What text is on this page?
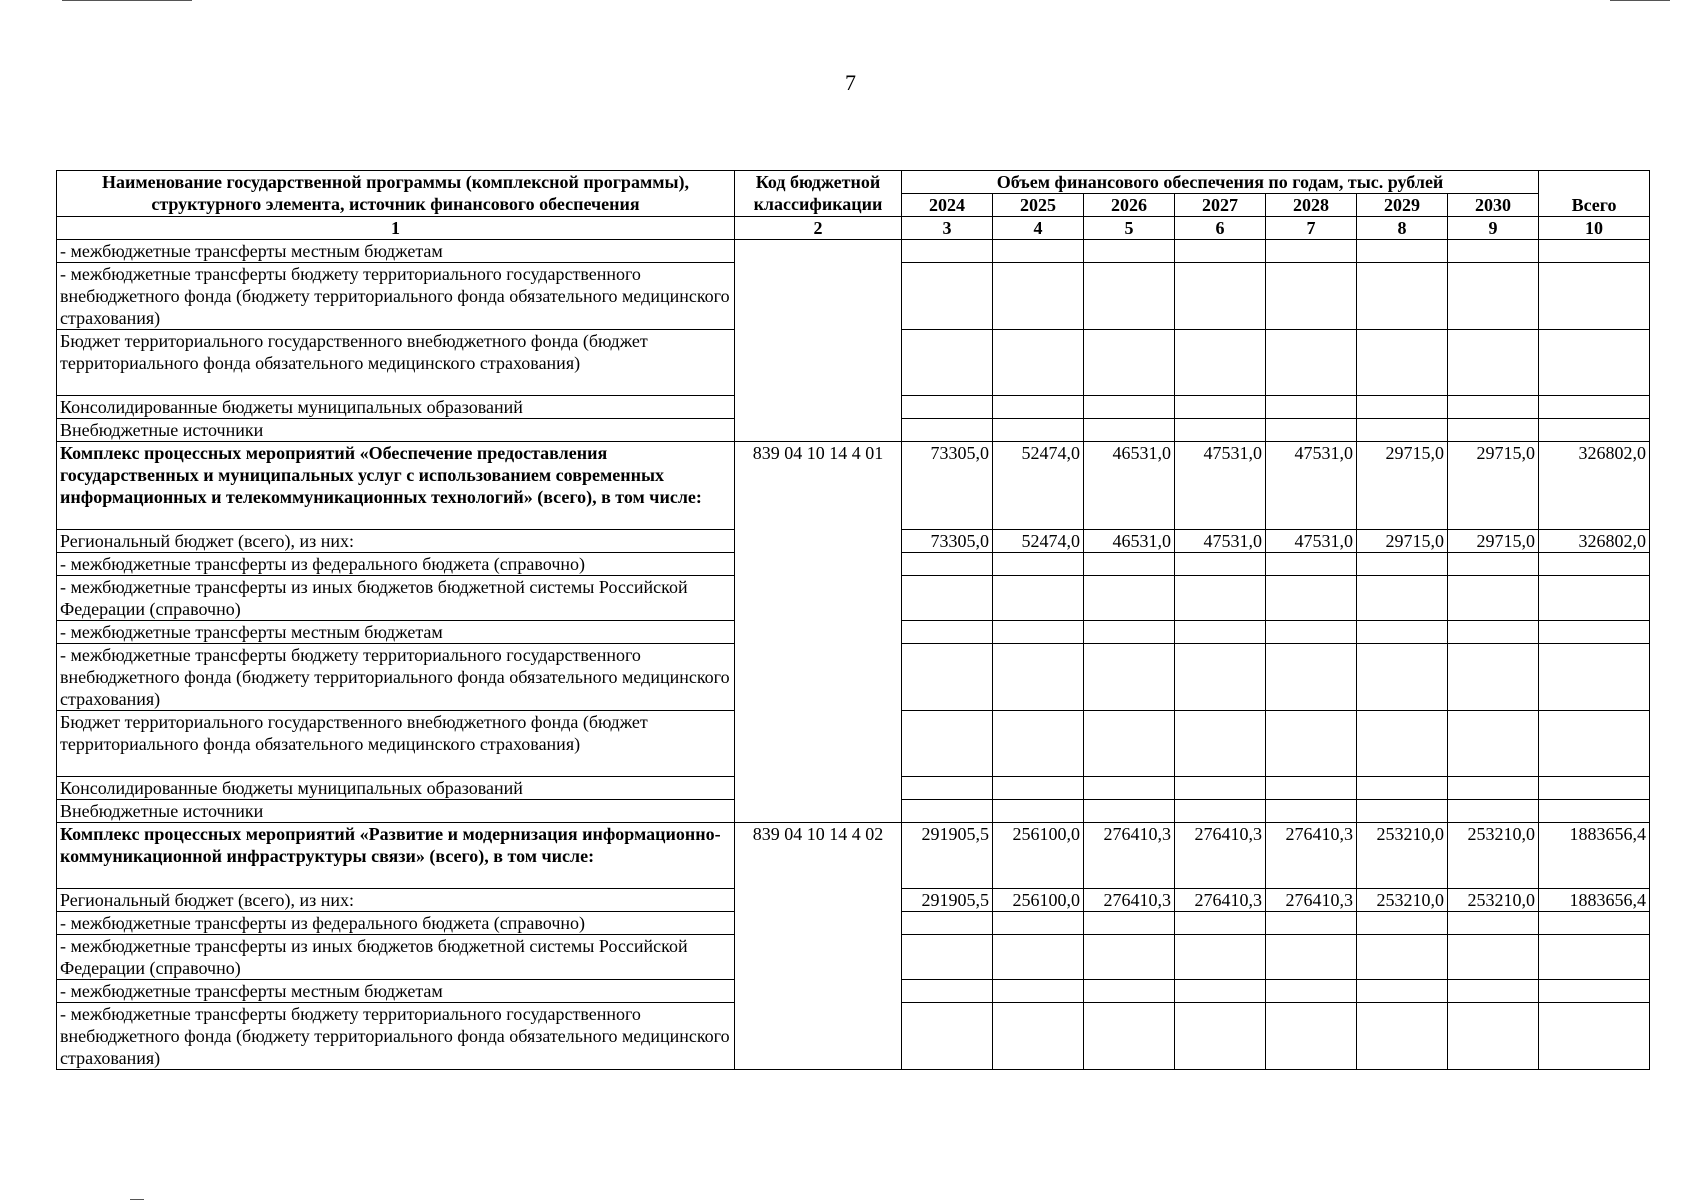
7
Наименование государственной программы (комплексной программы), структурного элемента, источник финансового обеспечения	Код бюджетной классификации	Объем финансового обеспечения по годам, тыс. рублей							Всего
		2024	2025	2026	2027	2028	2029	2030	
1	2	3	4	5	6	7	8	9	10
- межбюджетные трансферты местным бюджетам									
- межбюджетные трансферты бюджету территориального государственного внебюджетного фонда (бюджету территориального фонда обязательного медицинского страхования)									
Бюджет территориального государственного внебюджетного фонда (бюджет территориального фонда обязательного медицинского страхования)									
Консолидированные бюджеты муниципальных образований									
Внебюджетные источники									
Комплекс процессных мероприятий «Обеспечение предоставления государственных и муниципальных услуг с использованием современных информационных и телекоммуникационных технологий» (всего), в том числе:	839 04 10 14 4 01	73305,0	52474,0	46531,0	47531,0	47531,0	29715,0	29715,0	326802,0
Региональный бюджет (всего), из них:		73305,0	52474,0	46531,0	47531,0	47531,0	29715,0	29715,0	326802,0
- межбюджетные трансферты из федерального бюджета (справочно)									
- межбюджетные трансферты из иных бюджетов бюджетной системы Российской Федерации (справочно)									
- межбюджетные трансферты местным бюджетам									
- межбюджетные трансферты бюджету территориального государственного внебюджетного фонда (бюджету территориального фонда обязательного медицинского страхования)									
Бюджет территориального государственного внебюджетного фонда (бюджет территориального фонда обязательного медицинского страхования)									
Консолидированные бюджеты муниципальных образований									
Внебюджетные источники									
Комплекс процессных мероприятий «Развитие и модернизация информационно-коммуникационной инфраструктуры связи» (всего), в том числе:	839 04 10 14 4 02	291905,5	256100,0	276410,3	276410,3	276410,3	253210,0	253210,0	1883656,4
Региональный бюджет (всего), из них:		291905,5	256100,0	276410,3	276410,3	276410,3	253210,0	253210,0	1883656,4
- межбюджетные трансферты из федерального бюджета (справочно)									
- межбюджетные трансферты из иных бюджетов бюджетной системы Российской Федерации (справочно)									
- межбюджетные трансферты местным бюджетам									
- межбюджетные трансферты бюджету территориального государственного внебюджетного фонда (бюджету территориального фонда обязательного медицинского страхования)									
